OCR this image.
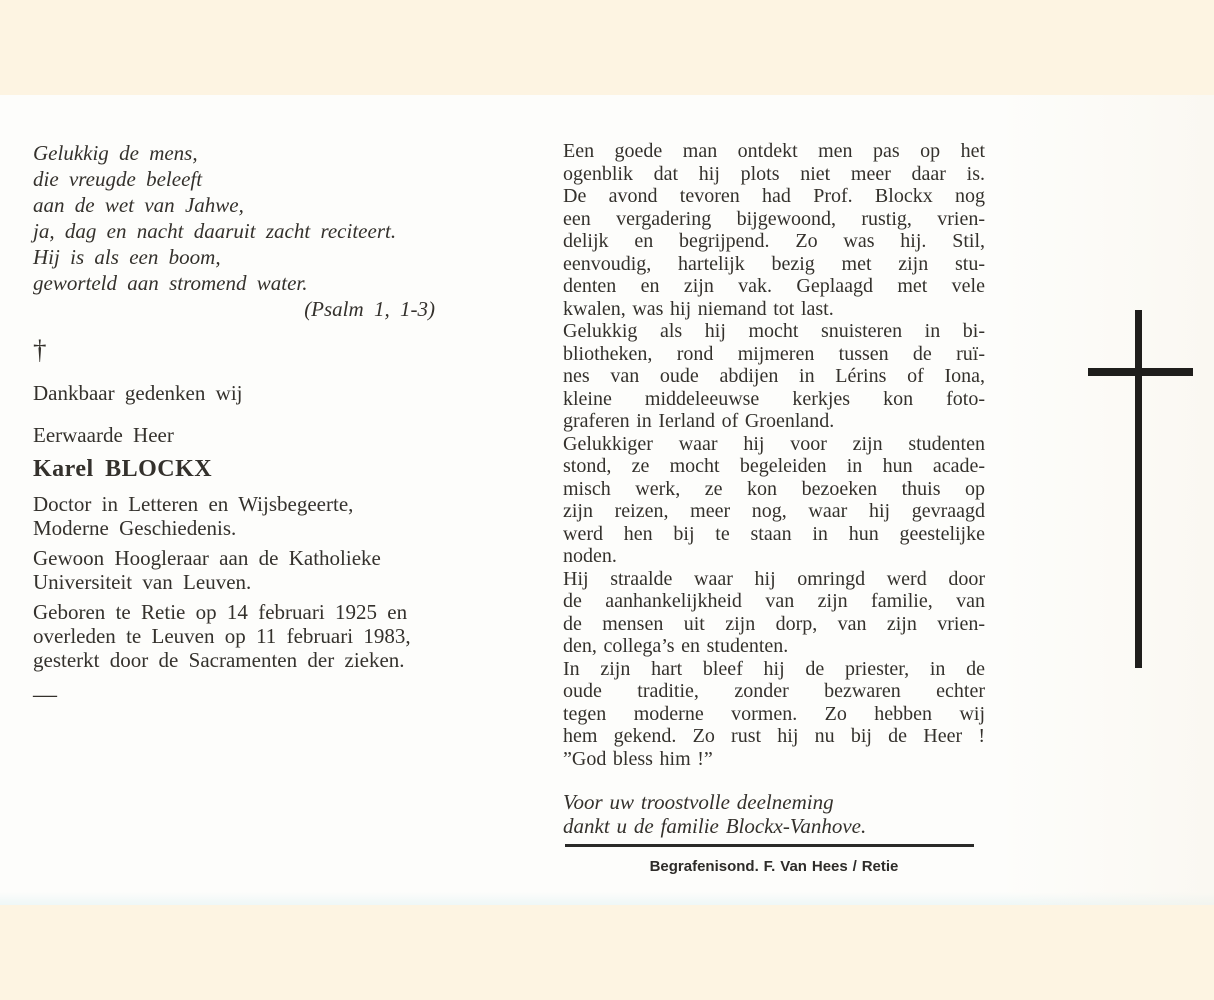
Gelukkig de mens,
die vreugde beleeft
aan de wet van Jahwe,
ja, dag en nacht daaruit zacht reciteert.
Hij is als een boom,
geworteld aan stromend water.
(Psalm 1, 1-3)
†
Dankbaar gedenken wij
Eerwaarde Heer
Karel BLOCKX
Doctor in Letteren en Wijsbegeerte,
Moderne Geschiedenis.
Gewoon Hoogleraar aan de Katholieke
Universiteit van Leuven.
Geboren te Retie op 14 februari 1925 en
overleden te Leuven op 11 februari 1983,
gesterkt door de Sacramenten der zieken.
—
Een goede man ontdekt men pas op het
ogenblik dat hij plots niet meer daar is.
De avond tevoren had Prof. Blockx nog
een vergadering bijgewoond, rustig, vrien-
delijk en begrijpend. Zo was hij. Stil,
eenvoudig, hartelijk bezig met zijn stu-
denten en zijn vak. Geplaagd met vele
kwalen, was hij niemand tot last.
Gelukkig als hij mocht snuisteren in bi-
bliotheken, rond mijmeren tussen de ruï-
nes van oude abdijen in Lérins of Iona,
kleine middeleeuwse kerkjes kon foto-
graferen in Ierland of Groenland.
Gelukkiger waar hij voor zijn studenten
stond, ze mocht begeleiden in hun acade-
misch werk, ze kon bezoeken thuis op
zijn reizen, meer nog, waar hij gevraagd
werd hen bij te staan in hun geestelijke
noden.
Hij straalde waar hij omringd werd door
de aanhankelijkheid van zijn familie, van
de mensen uit zijn dorp, van zijn vrien-
den, collega’s en studenten.
In zijn hart bleef hij de priester, in de
oude traditie, zonder bezwaren echter
tegen moderne vormen. Zo hebben wij
hem gekend. Zo rust hij nu bij de Heer !
”God bless him !”
Voor uw troostvolle deelneming
dankt u de familie Blockx-Vanhove.
Begrafenisond. F. Van Hees / Retie
